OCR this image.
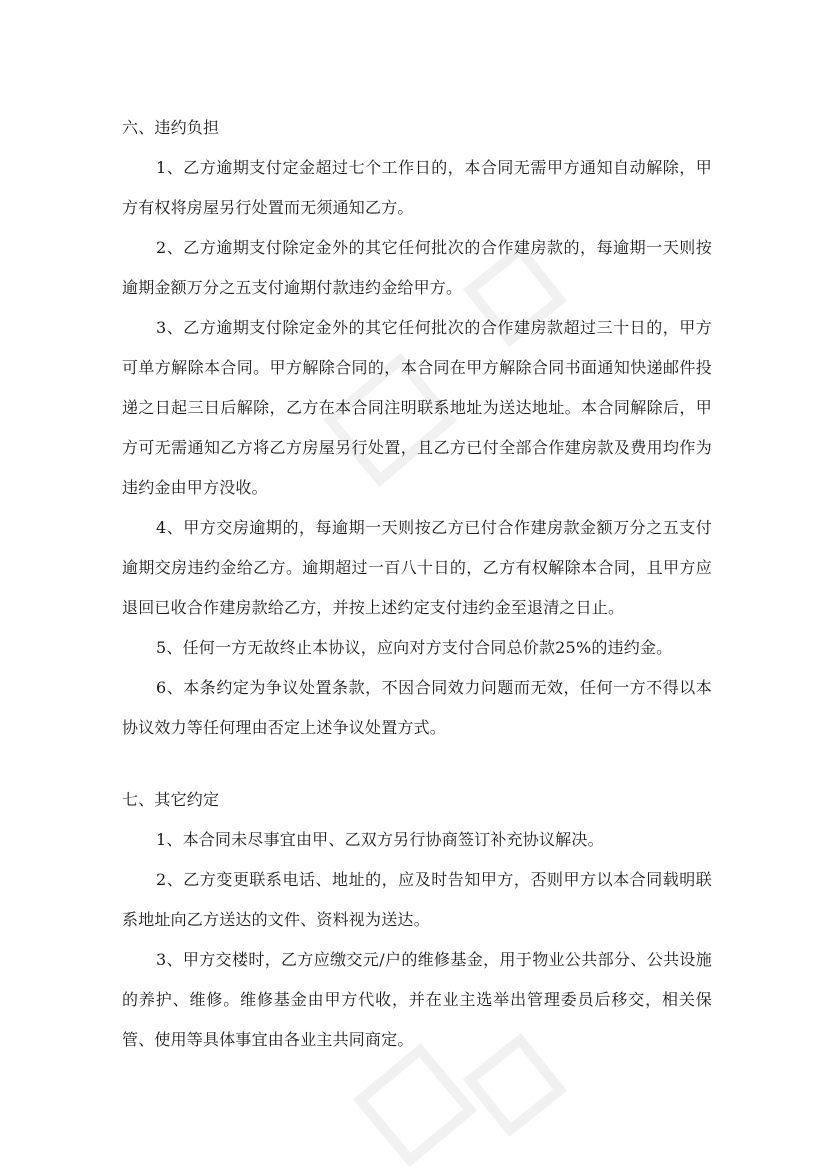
六、违约负担

1、乙方逾期支付定金超过七个工作日的，本合同无需甲方通知自动解除，甲方有权将房屋另行处置而无须通知乙方。

2、乙方逾期支付除定金外的其它任何批次的合作建房款的，每逾期一天则按逾期金额万分之五支付逾期付款违约金给甲方。

3、乙方逾期支付除定金外的其它任何批次的合作建房款超过三十日的，甲方可单方解除本合同。甲方解除合同的，本合同在甲方解除合同书面通知快递邮件投递之日起三日后解除，乙方在本合同注明联系地址为送达地址。本合同解除后，甲方可无需通知乙方将乙方房屋另行处置，且乙方已付全部合作建房款及费用均作为违约金由甲方没收。

4、甲方交房逾期的，每逾期一天则按乙方已付合作建房款金额万分之五支付逾期交房违约金给乙方。逾期超过一百八十日的，乙方有权解除本合同，且甲方应退回已收合作建房款给乙方，并按上述约定支付违约金至退清之日止。

5、任何一方无故终止本协议，应向对方支付合同总价款25%的违约金。

6、本条约定为争议处置条款，不因合同效力问题而无效，任何一方不得以本协议效力等任何理由否定上述争议处置方式。

七、其它约定

1、本合同未尽事宜由甲、乙双方另行协商签订补充协议解决。

2、乙方变更联系电话、地址的，应及时告知甲方，否则甲方以本合同载明联系地址向乙方送达的文件、资料视为送达。

3、甲方交楼时，乙方应缴交元/户的维修基金，用于物业公共部分、公共设施的养护、维修。维修基金由甲方代收，并在业主选举出管理委员后移交，相关保管、使用等具体事宜由各业主共同商定。
